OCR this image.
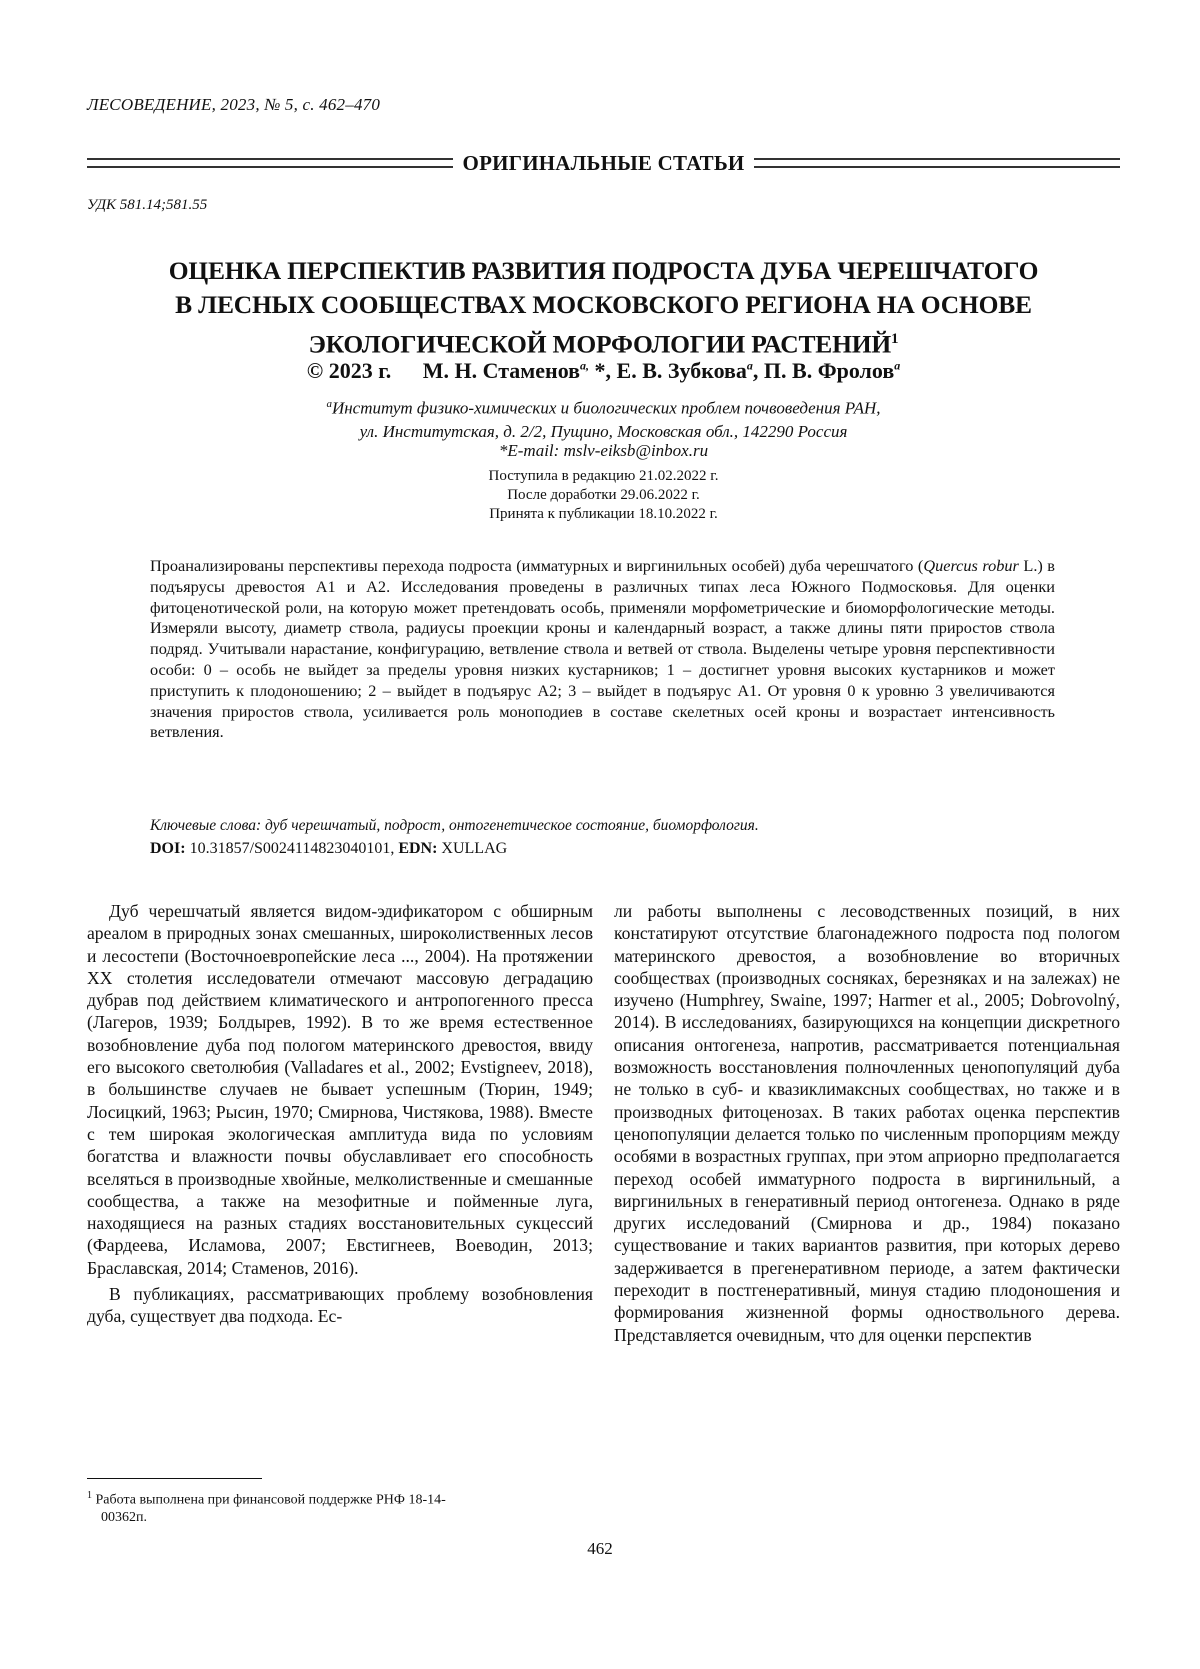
ЛЕСОВЕДЕНИЕ, 2023, № 5, с. 462–470
ОРИГИНАЛЬНЫЕ СТАТЬИ
УДК 581.14;581.55
ОЦЕНКА ПЕРСПЕКТИВ РАЗВИТИЯ ПОДРОСТА ДУБА ЧЕРЕШЧАТОГО
В ЛЕСНЫХ СООБЩЕСТВАХ МОСКОВСКОГО РЕГИОНА НА ОСНОВЕ
ЭКОЛОГИЧЕСКОЙ МОРФОЛОГИИ РАСТЕНИЙ$^1$
© 2023 г. М. Н. Стаменов$^{a,}$ *, Е. В. Зубкова$^a$, П. В. Фролов$^a$
$^a$Институт физико-химических и биологических проблем почвоведения РАН,
ул. Институтская, д. 2/2, Пущино, Московская обл., 142290 Россия
*E-mail: mslv-eiksb@inbox.ru
Поступила в редакцию 21.02.2022 г.
После доработки 29.06.2022 г.
Принята к публикации 18.10.2022 г.
Проанализированы перспективы перехода подроста (имматурных и виргинильных особей) дуба черешчатого (Quercus robur L.) в подъярусы древостоя A1 и A2. Исследования проведены в различных типах леса Южного Подмосковья. Для оценки фитоценотической роли, на которую может претендовать особь, применяли морфометрические и биоморфологические методы. Измеряли высоту, диаметр ствола, радиусы проекции кроны и календарный возраст, а также длины пяти приростов ствола подряд. Учитывали нарастание, конфигурацию, ветвление ствола и ветвей от ствола. Выделены четыре уровня перспективности особи: 0 – особь не выйдет за пределы уровня низких кустарников; 1 – достигнет уровня высоких кустарников и может приступить к плодоношению; 2 – выйдет в подъярус A2; 3 – выйдет в подъярус A1. От уровня 0 к уровню 3 увеличиваются значения приростов ствола, усиливается роль моноподиев в составе скелетных осей кроны и возрастает интенсивность ветвления.
Ключевые слова: дуб черешчатый, подрост, онтогенетическое состояние, биоморфология.
DOI: 10.31857/S0024114823040101, EDN: XULLAG

Дуб черешчатый является видом-эдификатором с обширным ареалом в природных зонах смешанных, широколиственных лесов и лесостепи (Восточноевропейские леса ..., 2004). На протяжении XX столетия исследователи отмечают массовую деградацию дубрав под действием климатического и антропогенного пресса (Лагеров, 1939; Болдырев, 1992). В то же время естественное возобновление дуба под пологом материнского древостоя, ввиду его высокого светолюбия (Valladares et al., 2002; Evstigneev, 2018), в большинстве случаев не бывает успешным (Тюрин, 1949; Лосицкий, 1963; Рысин, 1970; Смирнова, Чистякова, 1988). Вместе с тем широкая экологическая амплитуда вида по условиям богатства и влажности почвы обуславливает его способность вселяться в производные хвойные, мелколиственные и смешанные сообщества, а также на мезофитные и пойменные луга, находящиеся на разных стадиях восстановительных сукцессий (Фардеева, Исламова, 2007; Евстигнеев, Воеводин, 2013; Браславская, 2014; Стаменов, 2016).

В публикациях, рассматривающих проблему возобновления дуба, существует два подхода. Ес-

ли работы выполнены с лесоводственных позиций, в них констатируют отсутствие благонадежного подроста под пологом материнского древостоя, а возобновление во вторичных сообществах (производных сосняках, березняках и на залежах) не изучено (Humphrey, Swaine, 1997; Harmer et al., 2005; Dobrovolný, 2014). В исследованиях, базирующихся на концепции дискретного описания онтогенеза, напротив, рассматривается потенциальная возможность восстановления полночленных ценопопуляций дуба не только в суб- и квазиклимаксных сообществах, но также и в производных фитоценозах. В таких работах оценка перспектив ценопопуляции делается только по численным пропорциям между особями в возрастных группах, при этом априорно предполагается переход особей имматурного подроста в виргинильный, а виргинильных в генеративный период онтогенеза. Однако в ряде других исследований (Смирнова и др., 1984) показано существование и таких вариантов развития, при которых дерево задерживается в прегенеративном периоде, а затем фактически переходит в постгенеративный, минуя стадию плодоношения и формирования жизненной формы одноствольного дерева. Представляется очевидным, что для оценки перспектив

$^1$ Работа выполнена при финансовой поддержке РНФ 18-14-
00362п.
462
